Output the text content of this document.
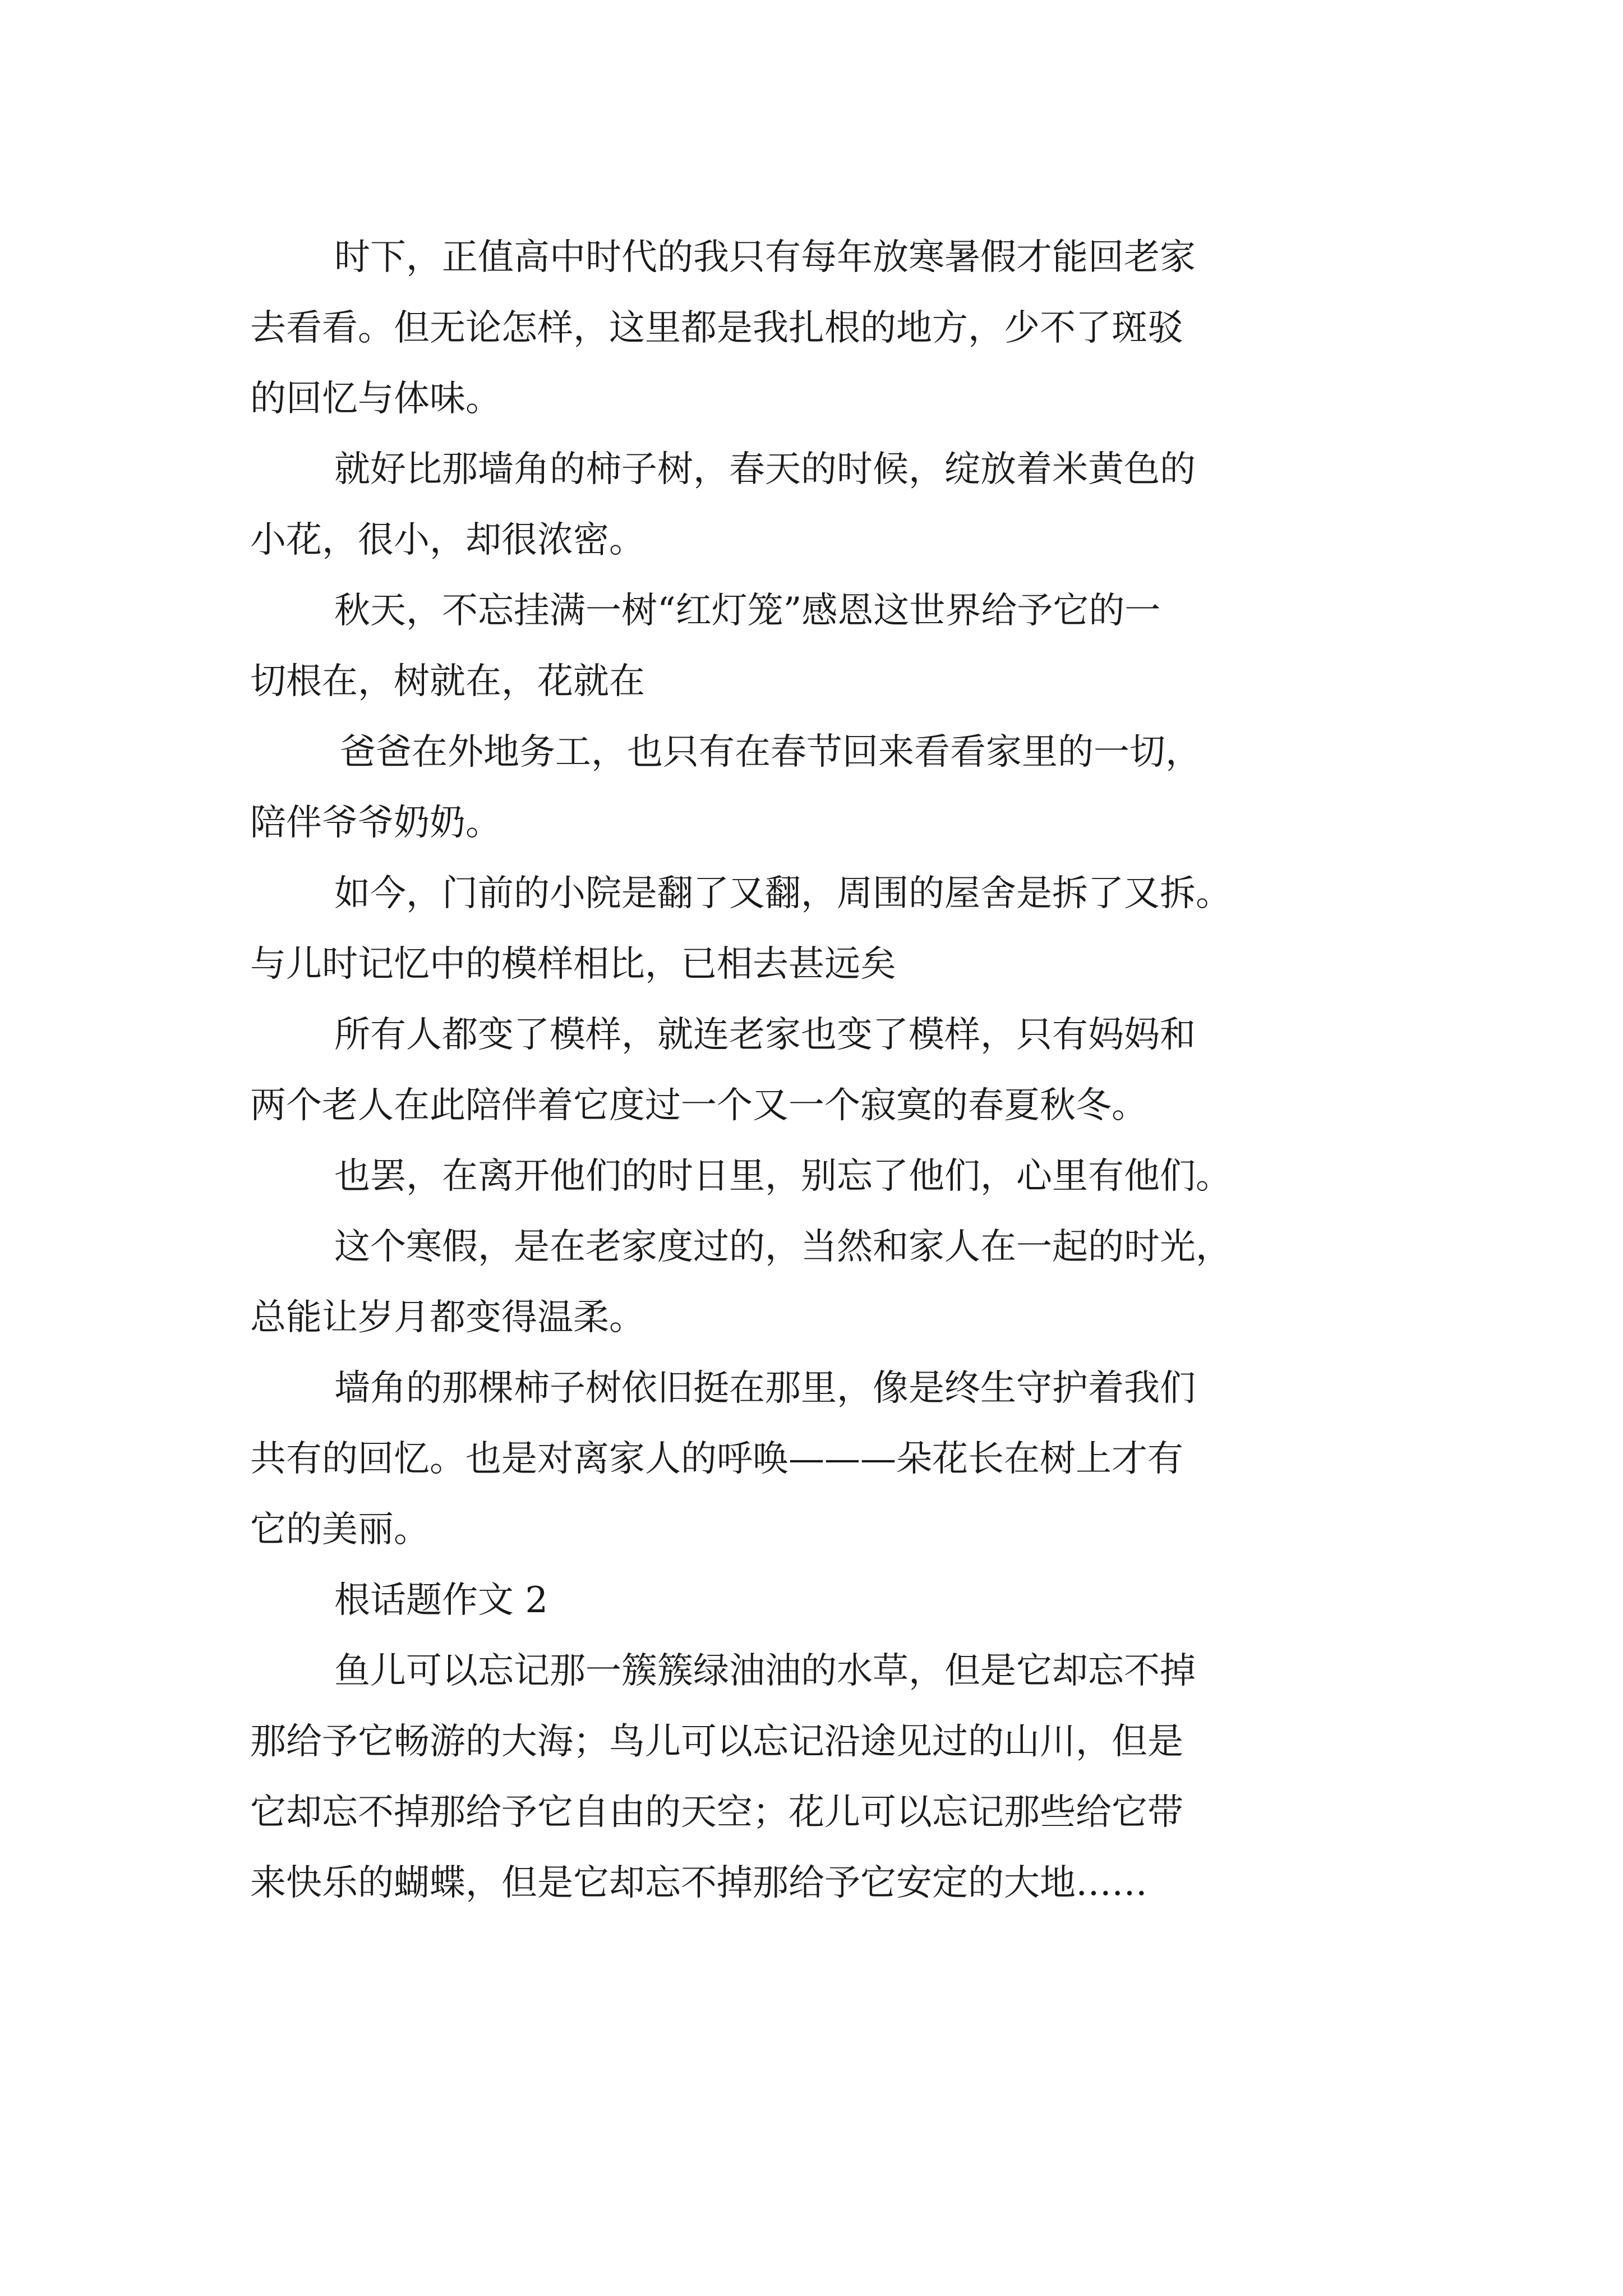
时下，正值高中时代的我只有每年放寒暑假才能回老家
去看看。但无论怎样，这里都是我扎根的地方，少不了斑驳
的回忆与体味。
就好比那墙角的柿子树，春天的时候，绽放着米黄色的
小花，很小，却很浓密。
秋天，不忘挂满一树“红灯笼”感恩这世界给予它的一
切根在，树就在，花就在
爸爸在外地务工，也只有在春节回来看看家里的一切，
陪伴爷爷奶奶。
如今，门前的小院是翻了又翻，周围的屋舍是拆了又拆。
与儿时记忆中的模样相比，已相去甚远矣
所有人都变了模样，就连老家也变了模样，只有妈妈和
两个老人在此陪伴着它度过一个又一个寂寞的春夏秋冬。
也罢，在离开他们的时日里，别忘了他们，心里有他们。
这个寒假，是在老家度过的，当然和家人在一起的时光，
总能让岁月都变得温柔。
墙角的那棵柿子树依旧挺在那里，像是终生守护着我们
共有的回忆。也是对离家人的呼唤———朵花长在树上才有
它的美丽。
根话题作文 2
鱼儿可以忘记那一簇簇绿油油的水草，但是它却忘不掉
那给予它畅游的大海；鸟儿可以忘记沿途见过的山川，但是
它却忘不掉那给予它自由的天空；花儿可以忘记那些给它带
来快乐的蝴蝶，但是它却忘不掉那给予它安定的大地……
